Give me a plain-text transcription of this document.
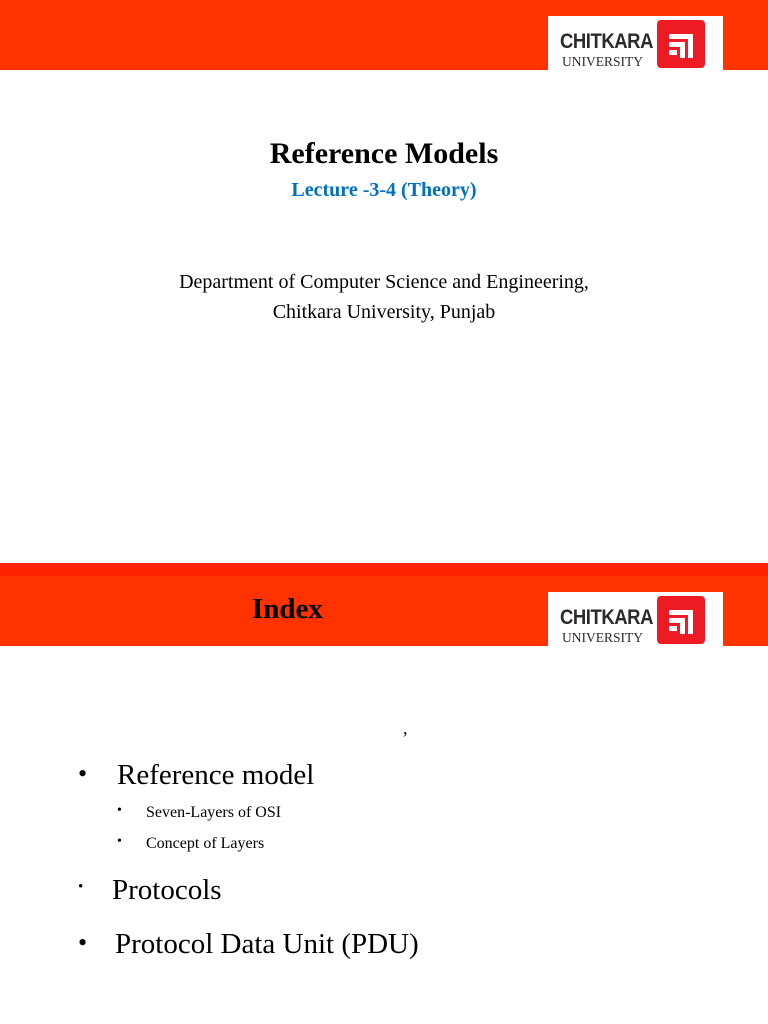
CHITKARA
UNIVERSITY
Reference Models
Lecture -3-4 (Theory)
Department of Computer Science and Engineering,
Chitkara University, Punjab
Index	CHITKARA
UNIVERSITY
,
• Reference model
• Seven-Layers of OSI
• Concept of Layers
• Protocols
• Protocol Data Unit (PDU)
